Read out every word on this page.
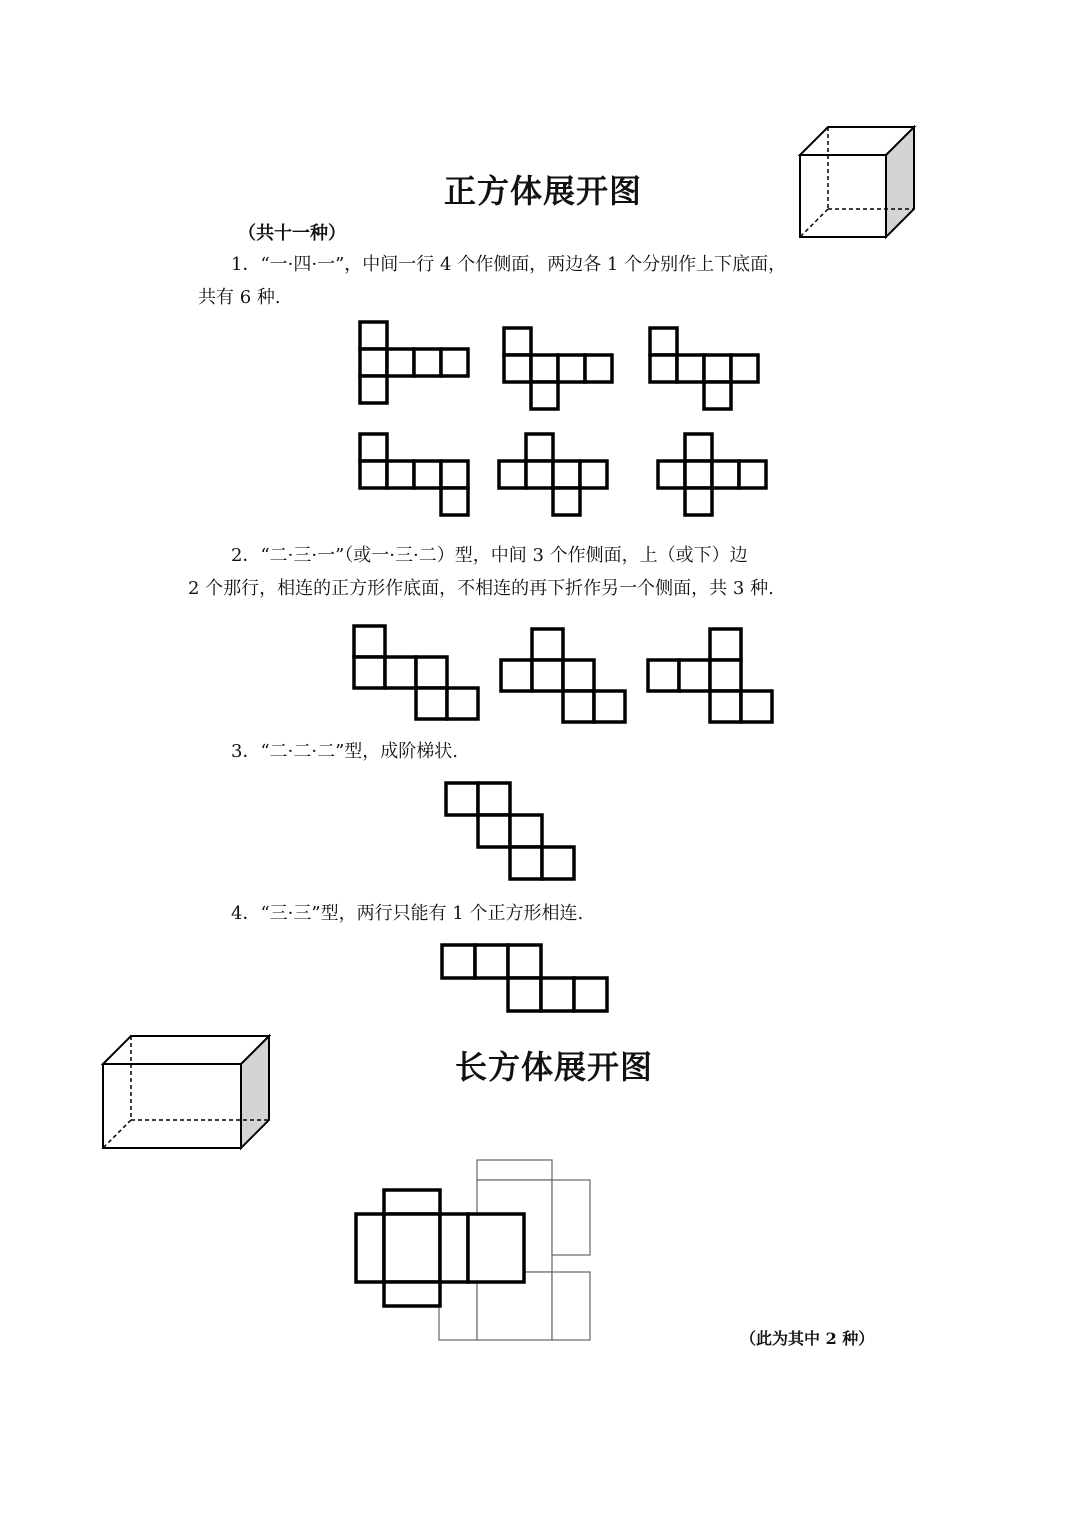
正方体展开图
（共十一种）
1．“一·四·一”，中间一行 4 个作侧面，两边各 1 个分别作上下底面，
共有 6 种.
2．“二·三·一”（或一·三·二）型，中间 3 个作侧面，上（或下）边
2 个那行，相连的正方形作底面，不相连的再下折作另一个侧面，共 3 种.
3．“二·二·二”型，成阶梯状.
4．“三·三”型，两行只能有 1 个正方形相连.
长方体展开图
（此为其中 2 种）
